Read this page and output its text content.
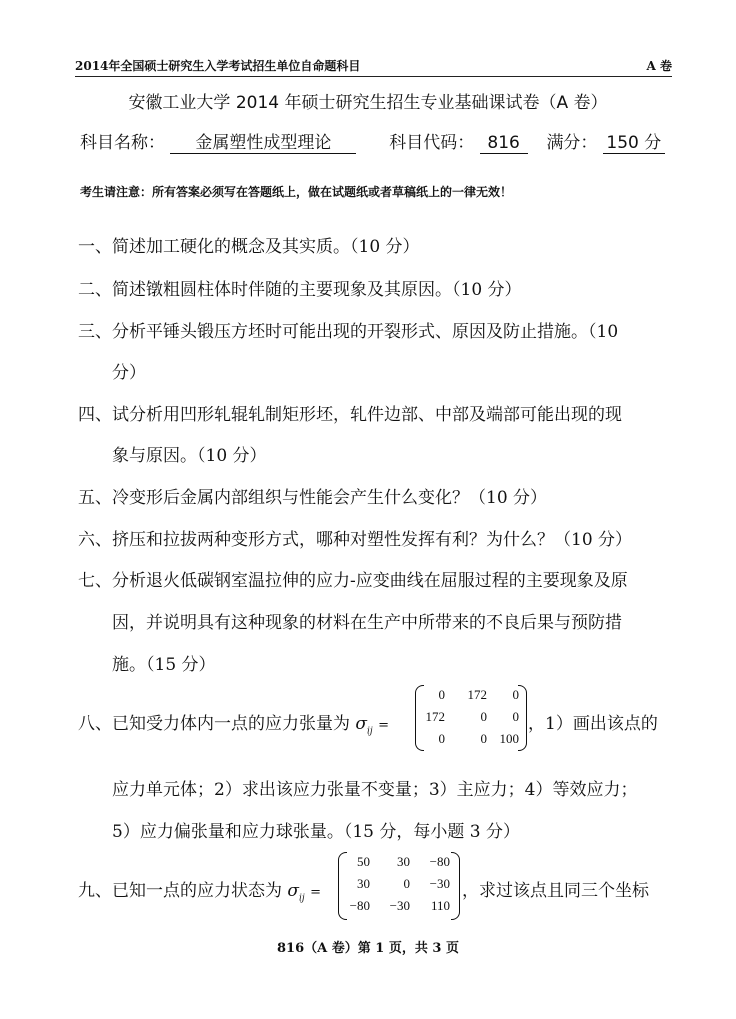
2014年全国硕士研究生入学考试招生单位自命题科目	A 卷
安徽工业大学 2014 年硕士研究生招生专业基础课试卷（A 卷）
科目名称： 金属塑性成型理论	科目代码： 816 满分： 150 分
考生请注意：所有答案必须写在答题纸上，做在试题纸或者草稿纸上的一律无效！
一、简述加工硬化的概念及其实质。（10 分）
二、简述镦粗圆柱体时伴随的主要现象及其原因。（10 分）
三、分析平锤头锻压方坯时可能出现的开裂形式、原因及防止措施。（10
分）
四、试分析用凹形轧辊轧制矩形坯，轧件边部、中部及端部可能出现的现
象与原因。（10 分）
五、冷变形后金属内部组织与性能会产生什么变化？（10 分）
六、挤压和拉拔两种变形方式，哪种对塑性发挥有利？为什么？（10 分）
七、分析退火低碳钢室温拉伸的应力-应变曲线在屈服过程的主要现象及原
因，并说明具有这种现象的材料在生产中所带来的不良后果与预防措
施。（15 分）
八、已知受力体内一点的应力张量为 $\sigma_{ij}$ =
0	172	0
172	0	0
0	0 100
，1）画出该点的
应力单元体；2）求出该应力张量不变量；3）主应力；4）等效应力；
5）应力偏张量和应力球张量。（15 分，每小题 3 分）
九、已知一点的应力状态为 $\sigma_{ij}$ =
50	30	−80
30	0	−30
−80	−30	110
，求过该点且同三个坐标
816（A 卷）第 1 页，共 3 页
